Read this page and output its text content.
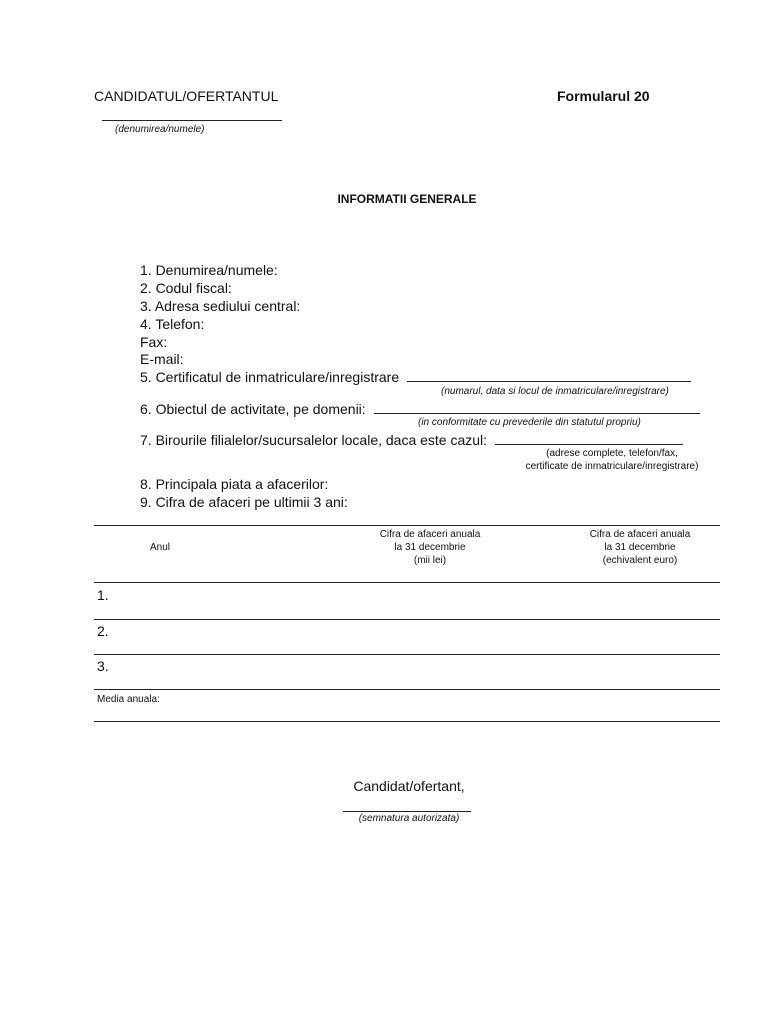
CANDIDATUL/OFERTANTUL	Formularul 20
(denumirea/numele)
INFORMATII GENERALE
1. Denumirea/numele:
2. Codul fiscal:
3. Adresa sediului central:
4. Telefon:
Fax:
E-mail:
5. Certificatul de inmatriculare/inregistrare
(numarul, data si locul de inmatriculare/inregistrare)
6. Obiectul de activitate, pe domenii:
(in conformitate cu prevederile din statutul propriu)
7. Birourile filialelor/sucursalelor locale, daca este cazul:
(adrese complete, telefon/fax,
certificate de inmatriculare/inregistrare)
8. Principala piata a afacerilor:
9. Cifra de afaceri pe ultimii 3 ani:
Anul
Cifra de afaceri anuala
la 31 decembrie
(mii lei)
Cifra de afaceri anuala
la 31 decembrie
(echivalent euro)
1.
2.
3.
Media anuala:
Candidat/ofertant,
(semnatura autorizata)
